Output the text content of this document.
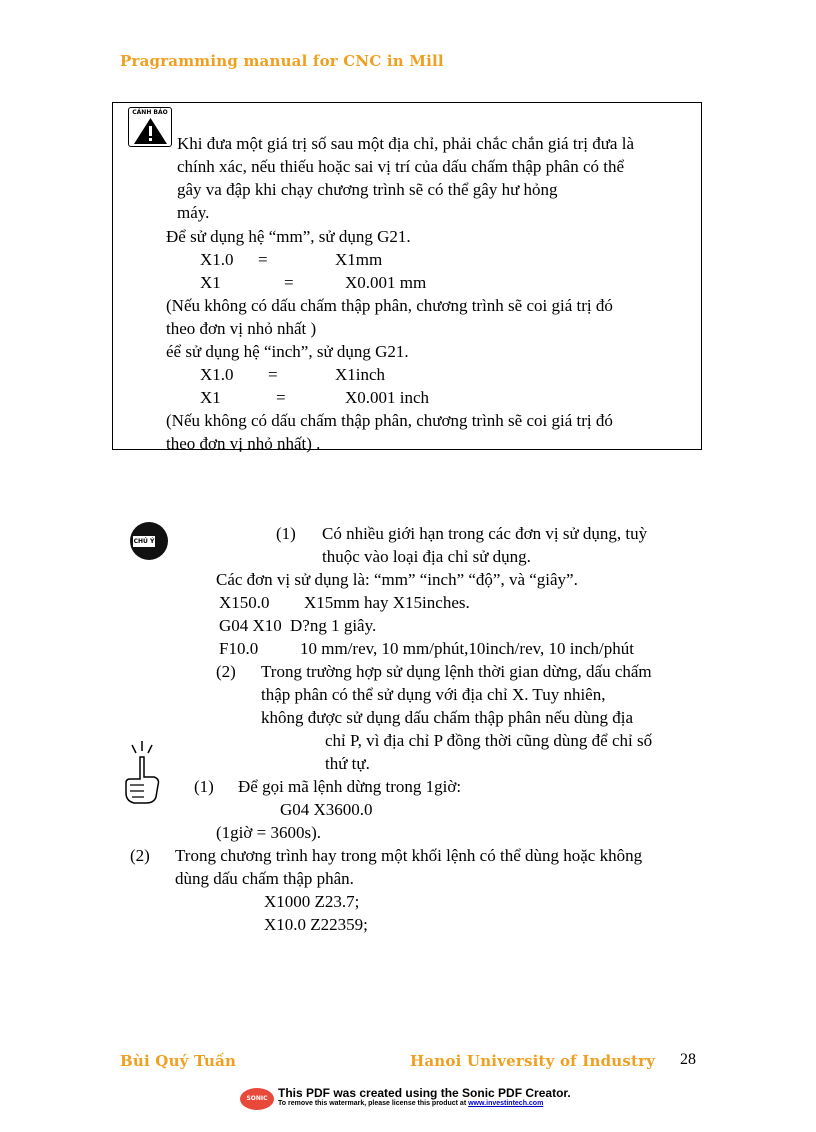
Pragramming manual for CNC in Mill
CẢNH BÁO
Khi đưa một giá trị số sau một địa chỉ, phải chắc chắn giá trị đưa là
chính xác, nếu thiếu hoặc sai vị trí của dấu chấm thập phân có thể
gây va đập khi chạy chương trình sẽ có thể gây hư hỏng
máy.
Để sử dụng hệ “mm”, sử dụng G21.
X1.0 =	X1mm
X1	=	X0.001 mm
(Nếu không có dấu chấm thập phân, chương trình sẽ coi giá trị đó
theo đơn vị nhỏ nhất )
éể sử dụng hệ “inch”, sử dụng G21.
X1.0 =	X1inch
X1	=	X0.001 inch
(Nếu không có dấu chấm thập phân, chương trình sẽ coi giá trị đó
theo đơn vị nhỏ nhất) .
CHÚ Ý	(1) Có nhiều giới hạn trong các đơn vị sử dụng, tuỳ
thuộc vào loại địa chỉ sử dụng.
Các đơn vị sử dụng là: “mm” “inch” “độ”, và “giây”.
X150.0 X15mm hay X15inches.
G04 X10 D?ng 1 giây.
F10.0 10 mm/rev, 10 mm/phút,10inch/rev, 10 inch/phút
(2) Trong trường hợp sử dụng lệnh thời gian dừng, dấu chấm
thập phân có thể sử dụng với địa chỉ X. Tuy nhiên,
không được sử dụng dấu chấm thập phân nếu dùng địa
chỉ P, vì địa chỉ P đồng thời cũng dùng để chỉ số
thứ tự.
(1) Để gọi mã lệnh dừng trong 1giờ:
G04 X3600.0
(1giờ = 3600s).
(2) Trong chương trình hay trong một khối lệnh có thể dùng hoặc không
dùng dấu chấm thập phân.
X1000 Z23.7;
X10.0 Z22359;
Bùi Quý Tuấn	Hanoi University of Industry 28
SONIC PDF
This PDF was created using the Sonic PDF Creator.
To remove this watermark, please license this product at www.investintech.com
